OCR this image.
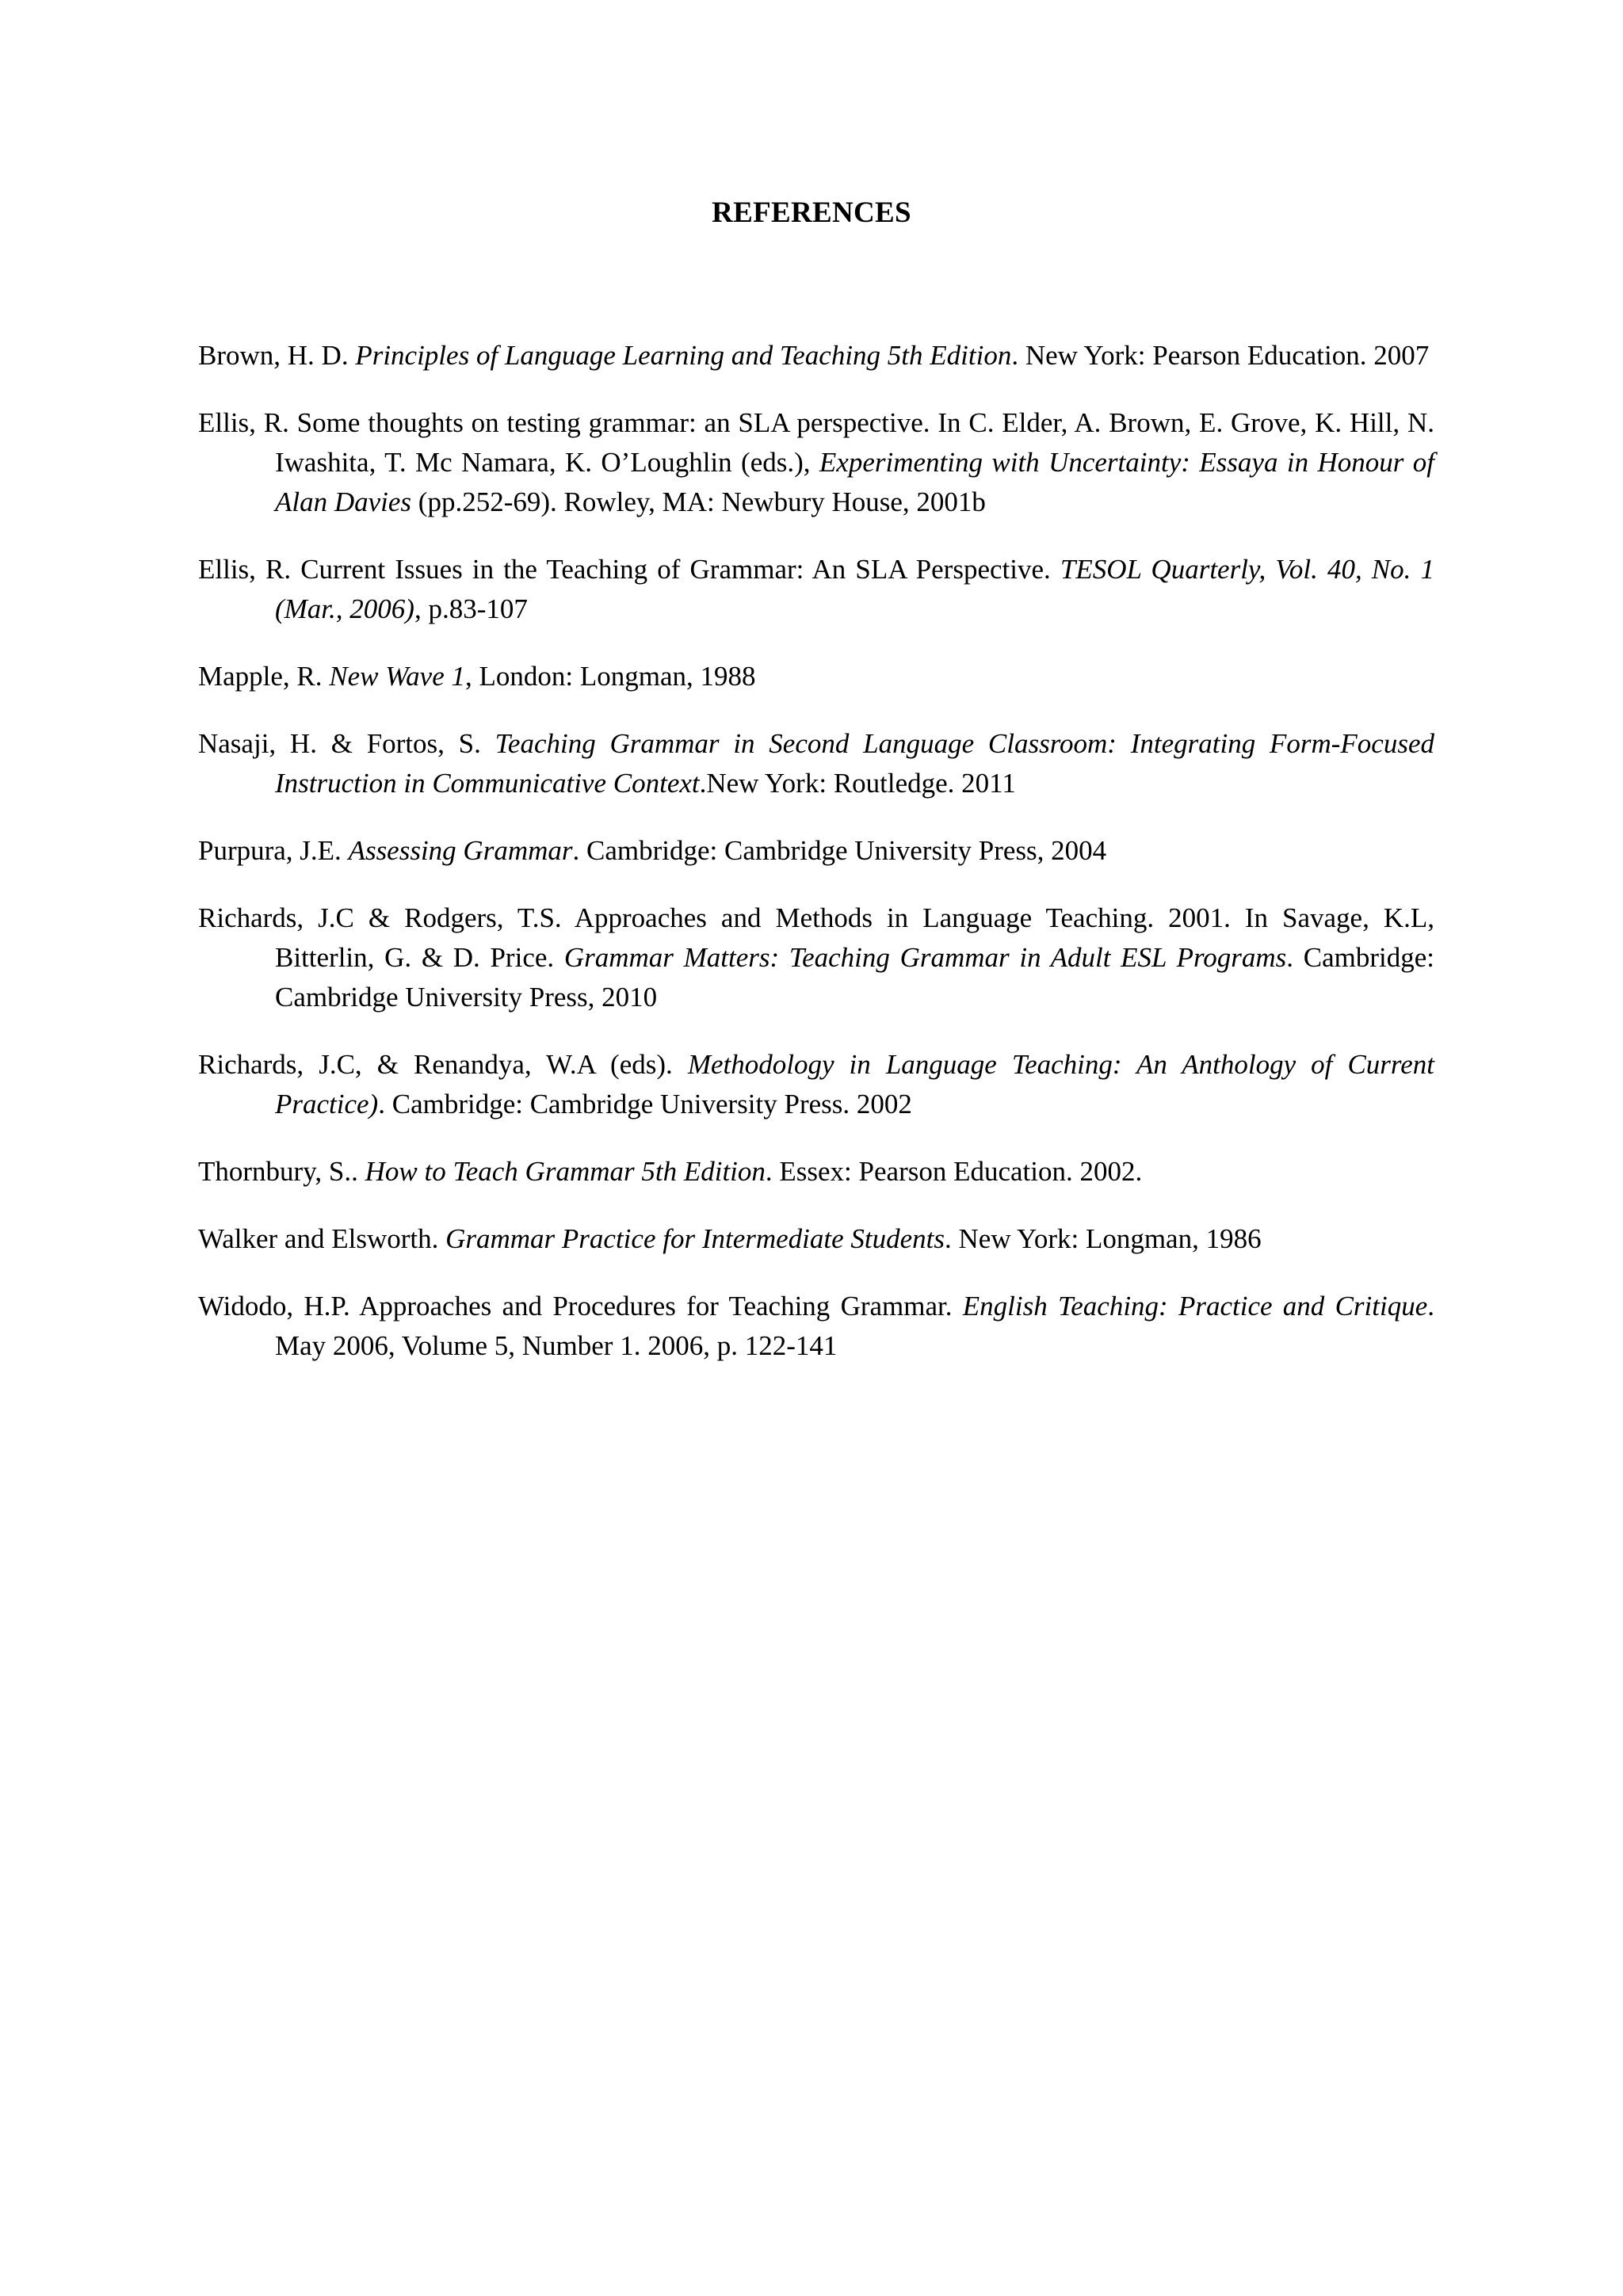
REFERENCES
Brown, H. D. Principles of Language Learning and Teaching 5th Edition. New York: Pearson Education. 2007
Ellis, R. Some thoughts on testing grammar: an SLA perspective. In C. Elder, A. Brown, E. Grove, K. Hill, N. Iwashita, T. Mc Namara, K. O’Loughlin (eds.), Experimenting with Uncertainty: Essaya in Honour of Alan Davies (pp.252-69). Rowley, MA: Newbury House, 2001b
Ellis, R. Current Issues in the Teaching of Grammar: An SLA Perspective. TESOL Quarterly, Vol. 40, No. 1 (Mar., 2006), p.83-107
Mapple, R. New Wave 1, London: Longman, 1988
Nasaji, H. & Fortos, S. Teaching Grammar in Second Language Classroom: Integrating Form-Focused Instruction in Communicative Context.New York: Routledge. 2011
Purpura, J.E. Assessing Grammar. Cambridge: Cambridge University Press, 2004
Richards, J.C & Rodgers, T.S. Approaches and Methods in Language Teaching. 2001. In Savage, K.L, Bitterlin, G. & D. Price. Grammar Matters: Teaching Grammar in Adult ESL Programs. Cambridge: Cambridge University Press, 2010
Richards, J.C, & Renandya, W.A (eds). Methodology in Language Teaching: An Anthology of Current Practice). Cambridge: Cambridge University Press. 2002
Thornbury, S.. How to Teach Grammar 5th Edition. Essex: Pearson Education. 2002.
Walker and Elsworth. Grammar Practice for Intermediate Students. New York: Longman, 1986
Widodo, H.P. Approaches and Procedures for Teaching Grammar. English Teaching: Practice and Critique. May 2006, Volume 5, Number 1. 2006, p. 122-141
